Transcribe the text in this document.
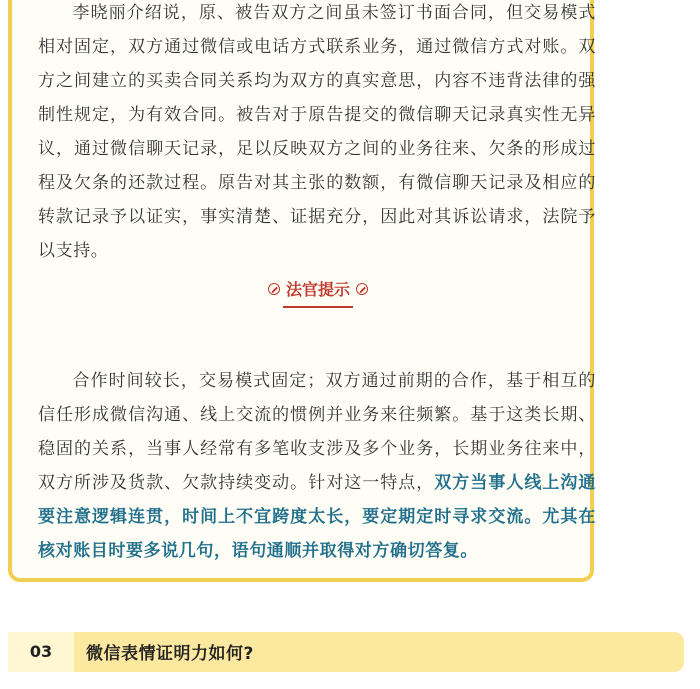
李晓丽介绍说，原、被告双方之间虽未签订书面合同，但交易模式相对固定，双方通过微信或电话方式联系业务，通过微信方式对账。双方之间建立的买卖合同关系均为双方的真实意思，内容不违背法律的强制性规定，为有效合同。被告对于原告提交的微信聊天记录真实性无异议，通过微信聊天记录，足以反映双方之间的业务往来、欠条的形成过程及欠条的还款过程。原告对其主张的数额，有微信聊天记录及相应的转款记录予以证实，事实清楚、证据充分，因此对其诉讼请求，法院予以支持。
法官提示
合作时间较长，交易模式固定；双方通过前期的合作，基于相互的信任形成微信沟通、线上交流的惯例并业务来往频繁。基于这类长期、稳固的关系，当事人经常有多笔收支涉及多个业务，长期业务往来中，双方所涉及货款、欠款持续变动。针对这一特点，双方当事人线上沟通要注意逻辑连贯，时间上不宜跨度太长，要定期定时寻求交流。尤其在核对账目时要多说几句，语句通顺并取得对方确切答复。
03	微信表情证明力如何?
